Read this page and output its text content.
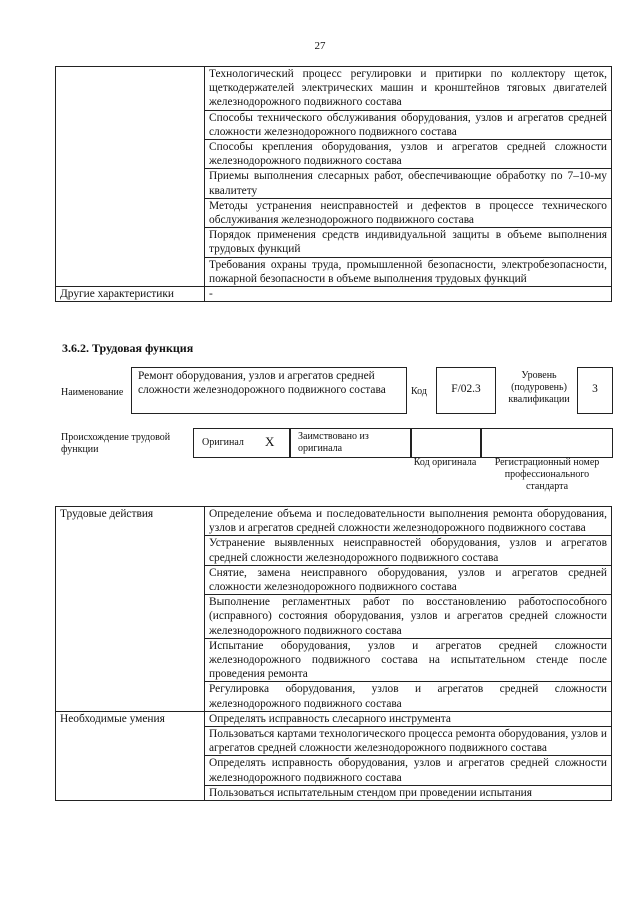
27
	Технологический процесс регулировки и притирки по коллектору щеток, щеткодержателей электрических машин и кронштейнов тяговых двигателей железнодорожного подвижного состава
	Способы технического обслуживания оборудования, узлов и агрегатов средней сложности железнодорожного подвижного состава
	Способы крепления оборудования, узлов и агрегатов средней сложности железнодорожного подвижного состава
	Приемы выполнения слесарных работ, обеспечивающие обработку по 7–10-му квалитету
	Методы устранения неисправностей и дефектов в процессе технического обслуживания железнодорожного подвижного состава
	Порядок применения средств индивидуальной защиты в объеме выполнения трудовых функций
	Требования охраны труда, промышленной безопасности, электробезопасности, пожарной безопасности в объеме выполнения трудовых функций
Другие характеристики	-
3.6.2. Трудовая функция
Наименование
Ремонт оборудования, узлов и агрегатов средней сложности железнодорожного подвижного состава	Код	F/02.3
Уровень (подуровень) квалификации
3
Происхождение трудовой функции
Оригинал X Заимствовано из оригинала
Код оригинала	Регистрационный номер профессионального стандарта
Трудовые действия	Определение объема и последовательности выполнения ремонта оборудования, узлов и агрегатов средней сложности железнодорожного подвижного состава
	Устранение выявленных неисправностей оборудования, узлов и агрегатов средней сложности железнодорожного подвижного состава
	Снятие, замена неисправного оборудования, узлов и агрегатов средней сложности железнодорожного подвижного состава
	Выполнение регламентных работ по восстановлению работоспособного (исправного) состояния оборудования, узлов и агрегатов средней сложности железнодорожного подвижного состава
	Испытание оборудования, узлов и агрегатов средней сложности железнодорожного подвижного состава на испытательном стенде после проведения ремонта
	Регулировка оборудования, узлов и агрегатов средней сложности железнодорожного подвижного состава
Необходимые умения	Определять исправность слесарного инструмента
	Пользоваться картами технологического процесса ремонта оборудования, узлов и агрегатов средней сложности железнодорожного подвижного состава
	Определять исправность оборудования, узлов и агрегатов средней сложности железнодорожного подвижного состава
	Пользоваться испытательным стендом при проведении испытания
